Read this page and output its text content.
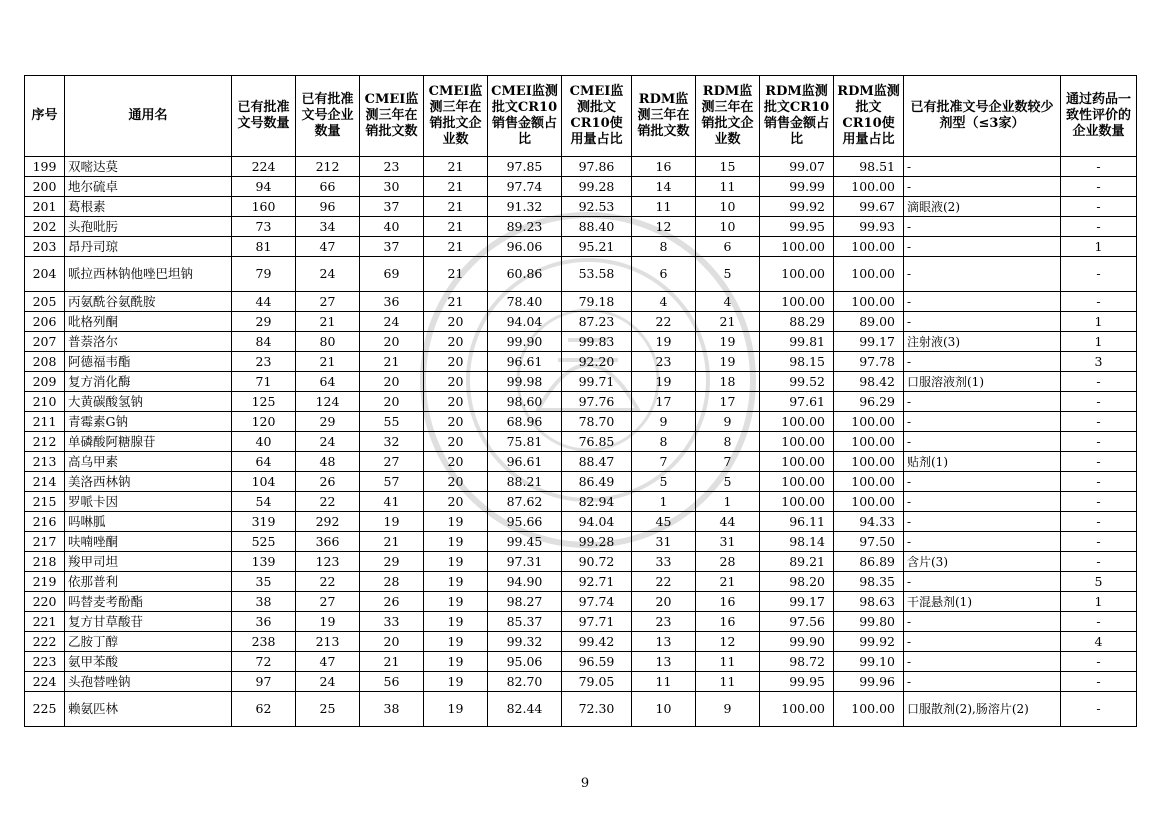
序号	通用名	已有批准文号数量	已有批准文号企业数量	CMEI监测三年在销批文数	CMEI监测三年在销批文企业数	CMEI监测批文CR10销售金额占比	CMEI监测批文CR10使用量占比	RDM监测三年在销批文数	RDM监测三年在销批文企业数	RDM监测批文CR10销售金额占比	RDM监测批文CR10使用量占比	已有批准文号企业数较少剂型（≤3家）	通过药品一致性评价的企业数量
199	双嘧达莫	224	212	23	21	97.85	97.86	16	15	99.07	98.51	-	-
200	地尔硫卓	94	66	30	21	97.74	99.28	14	11	99.99	100.00	-	-
201	葛根素	160	96	37	21	91.32	92.53	11	10	99.92	99.67	滴眼液(2)	-
202	头孢吡肟	73	34	40	21	89.23	88.40	12	10	99.95	99.93	-	-
203	昂丹司琼	81	47	37	21	96.06	95.21	8	6	100.00	100.00	-	1
204	哌拉西林钠他唑巴坦钠	79	24	69	21	60.86	53.58	6	5	100.00	100.00	-	-
205	丙氨酰谷氨酰胺	44	27	36	21	78.40	79.18	4	4	100.00	100.00	-	-
206	吡格列酮	29	21	24	20	94.04	87.23	22	21	88.29	89.00	-	1
207	普萘洛尔	84	80	20	20	99.90	99.83	19	19	99.81	99.17	注射液(3)	1
208	阿德福韦酯	23	21	21	20	96.61	92.20	23	19	98.15	97.78	-	3
209	复方消化酶	71	64	20	20	99.98	99.71	19	18	99.52	98.42	口服溶液剂(1)	-
210	大黄碳酸氢钠	125	124	20	20	98.60	97.76	17	17	97.61	96.29	-	-
211	青霉素G钠	120	29	55	20	68.96	78.70	9	9	100.00	100.00	-	-
212	单磷酸阿糖腺苷	40	24	32	20	75.81	76.85	8	8	100.00	100.00	-	-
213	高乌甲素	64	48	27	20	96.61	88.47	7	7	100.00	100.00	贴剂(1)	-
214	美洛西林钠	104	26	57	20	88.21	86.49	5	5	100.00	100.00	-	-
215	罗哌卡因	54	22	41	20	87.62	82.94	1	1	100.00	100.00	-	-
216	吗啉胍	319	292	19	19	95.66	94.04	45	44	96.11	94.33	-	-
217	呋喃唑酮	525	366	21	19	99.45	99.28	31	31	98.14	97.50	-	-
218	羧甲司坦	139	123	29	19	97.31	90.72	33	28	89.21	86.89	含片(3)	-
219	依那普利	35	22	28	19	94.90	92.71	22	21	98.20	98.35	-	5
220	吗替麦考酚酯	38	27	26	19	98.27	97.74	20	16	99.17	98.63	干混悬剂(1)	1
221	复方甘草酸苷	36	19	33	19	85.37	97.71	23	16	97.56	99.80	-	-
222	乙胺丁醇	238	213	20	19	99.32	99.42	13	12	99.90	99.92	-	4
223	氨甲苯酸	72	47	21	19	95.06	96.59	13	11	98.72	99.10	-	-
224	头孢替唑钠	97	24	56	19	82.70	79.05	11	11	99.95	99.96	-	-
225	赖氨匹林	62	25	38	19	82.44	72.30	10	9	100.00	100.00	口服散剂(2),肠溶片(2)	-
9
